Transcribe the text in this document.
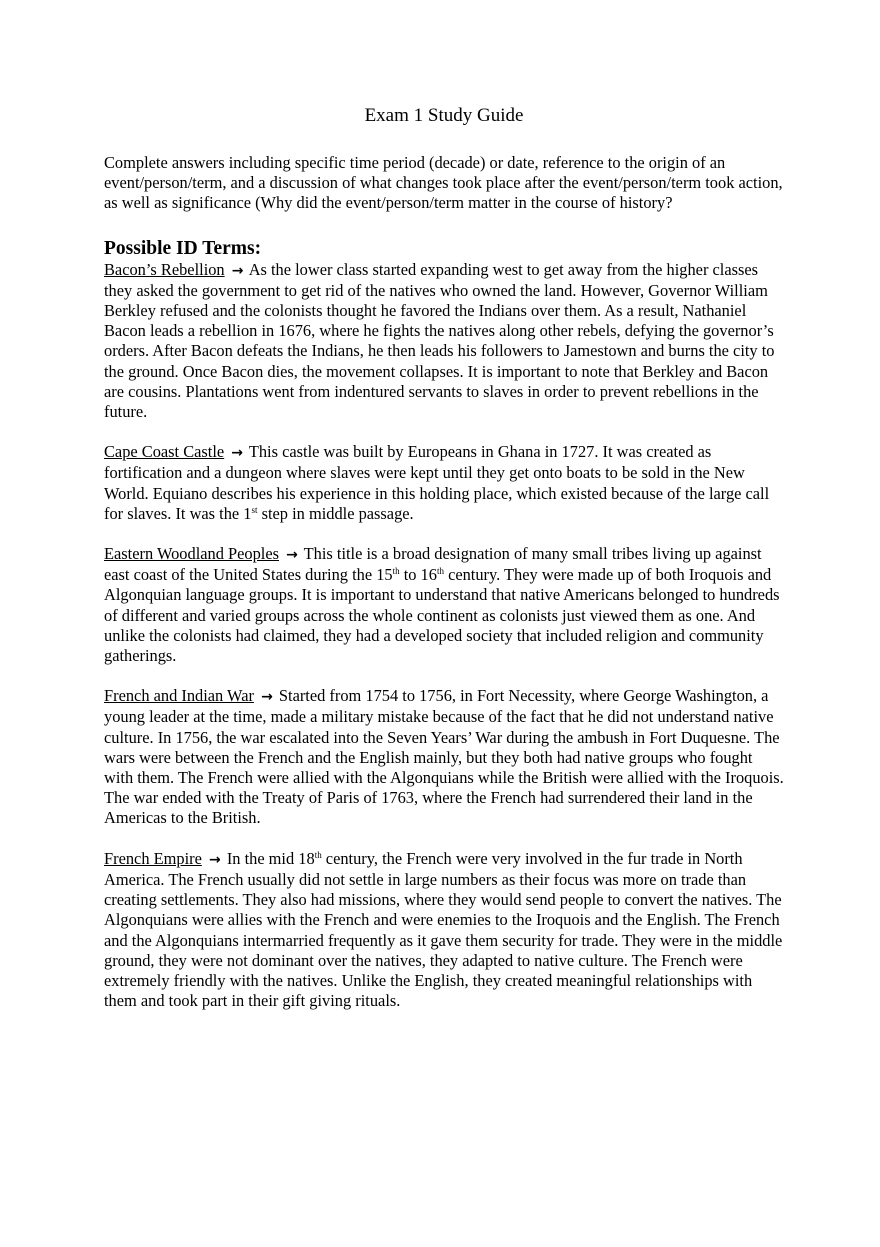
Exam 1 Study Guide

Complete answers including specific time period (decade) or date, reference to the origin of an event/person/term, and a discussion of what changes took place after the event/person/term took action, as well as significance (Why did the event/person/term matter in the course of history?

Possible ID Terms:

Bacon’s Rebellion → As the lower class started expanding west to get away from the higher classes they asked the government to get rid of the natives who owned the land. However, Governor William Berkley refused and the colonists thought he favored the Indians over them. As a result, Nathaniel Bacon leads a rebellion in 1676, where he fights the natives along other rebels, defying the governor’s orders. After Bacon defeats the Indians, he then leads his followers to Jamestown and burns the city to the ground. Once Bacon dies, the movement collapses. It is important to note that Berkley and Bacon are cousins. Plantations went from indentured servants to slaves in order to prevent rebellions in the future.

Cape Coast Castle → This castle was built by Europeans in Ghana in 1727. It was created as fortification and a dungeon where slaves were kept until they get onto boats to be sold in the New World. Equiano describes his experience in this holding place, which existed because of the large call for slaves. It was the 1st step in middle passage.

Eastern Woodland Peoples → This title is a broad designation of many small tribes living up against east coast of the United States during the 15th to 16th century. They were made up of both Iroquois and Algonquian language groups. It is important to understand that native Americans belonged to hundreds of different and varied groups across the whole continent as colonists just viewed them as one. And unlike the colonists had claimed, they had a developed society that included religion and community gatherings.

French and Indian War → Started from 1754 to 1756, in Fort Necessity, where George Washington, a young leader at the time, made a military mistake because of the fact that he did not understand native culture. In 1756, the war escalated into the Seven Years’ War during the ambush in Fort Duquesne. The wars were between the French and the English mainly, but they both had native groups who fought with them. The French were allied with the Algonquians while the British were allied with the Iroquois. The war ended with the Treaty of Paris of 1763, where the French had surrendered their land in the Americas to the British.

French Empire → In the mid 18th century, the French were very involved in the fur trade in North America. The French usually did not settle in large numbers as their focus was more on trade than creating settlements. They also had missions, where they would send people to convert the natives. The Algonquians were allies with the French and were enemies to the Iroquois and the English. The French and the Algonquians intermarried frequently as it gave them security for trade. They were in the middle ground, they were not dominant over the natives, they adapted to native culture. The French were extremely friendly with the natives. Unlike the English, they created meaningful relationships with them and took part in their gift giving rituals.
